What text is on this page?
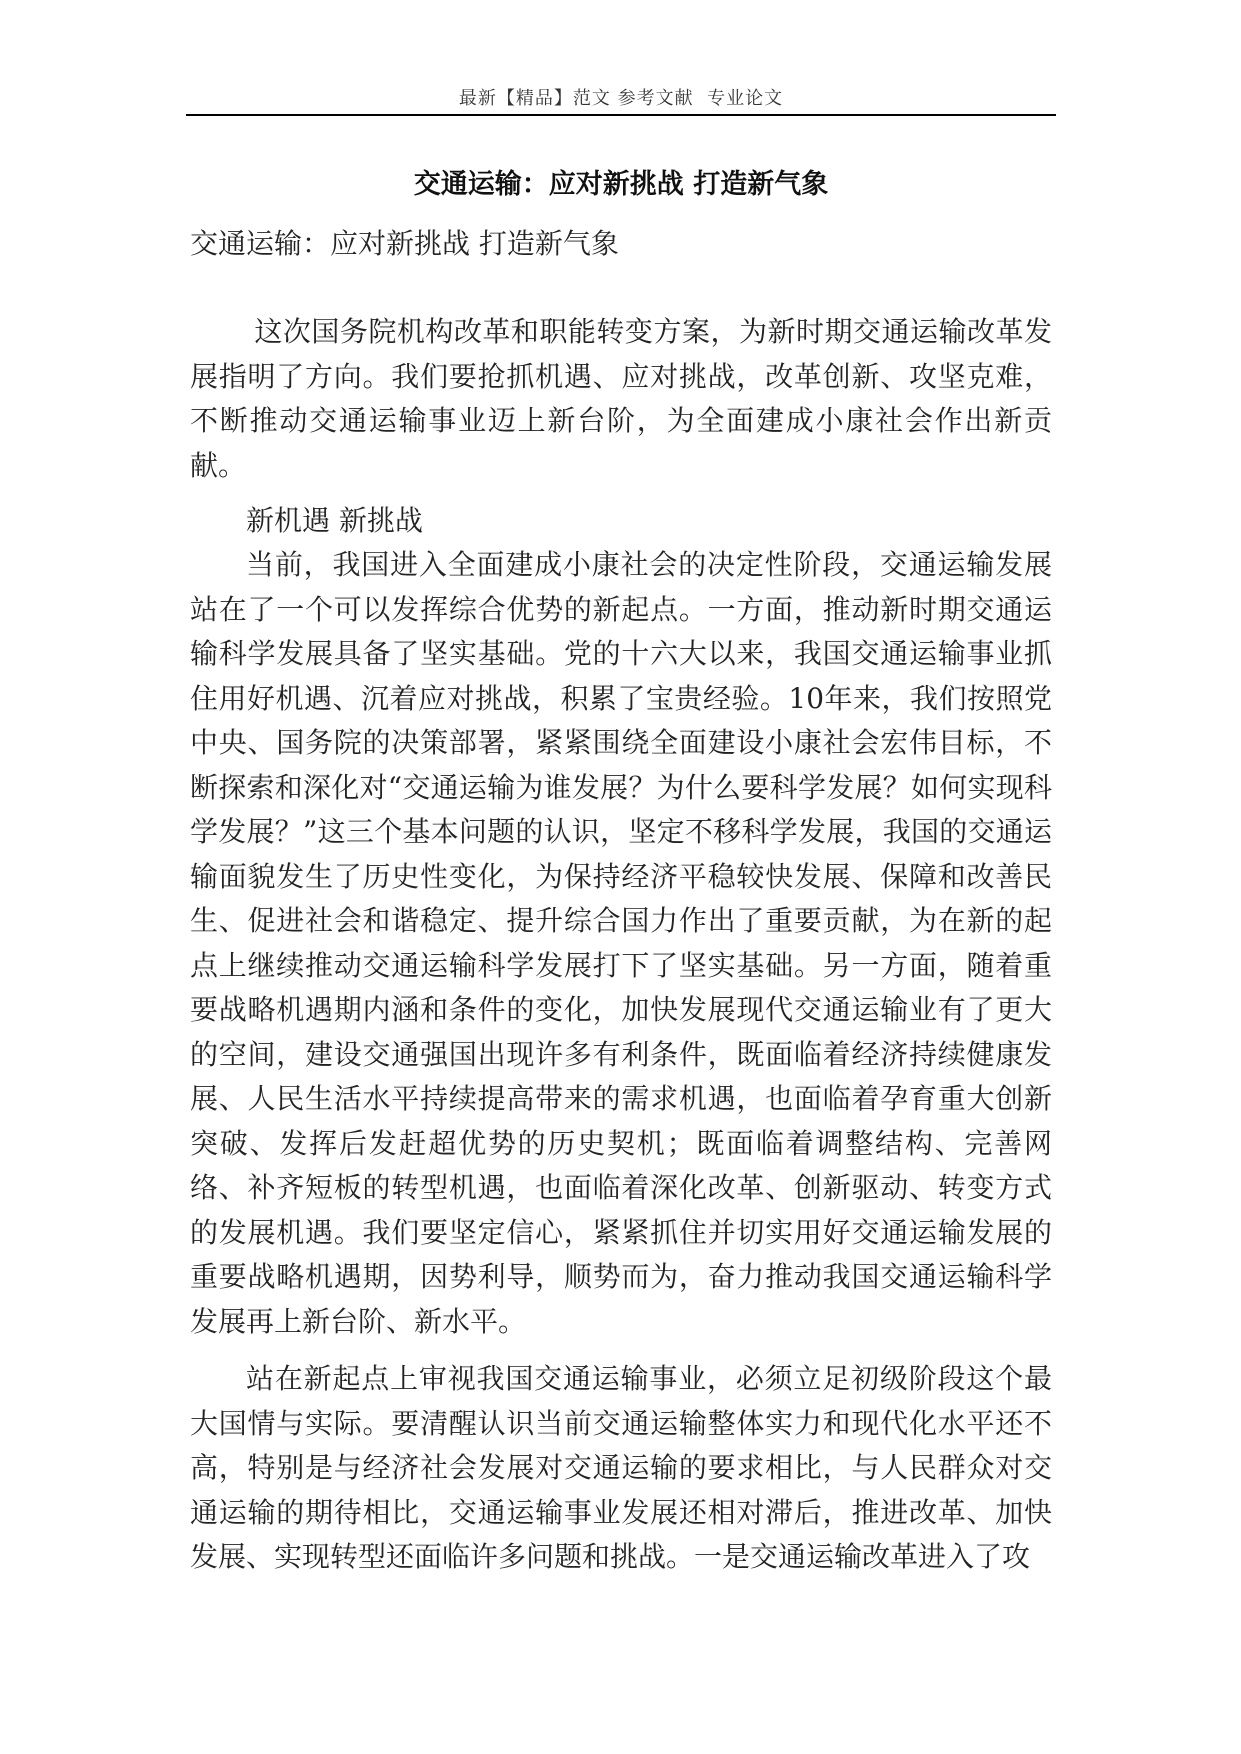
最新【精品】范文 参考文献  专业论文
交通运输：应对新挑战 打造新气象
交通运输：应对新挑战 打造新气象
这次国务院机构改革和职能转变方案，为新时期交通运输改革发展指明了方向。我们要抢抓机遇、应对挑战，改革创新、攻坚克难，不断推动交通运输事业迈上新台阶，为全面建成小康社会作出新贡献。
新机遇 新挑战

当前，我国进入全面建成小康社会的决定性阶段，交通运输发展站在了一个可以发挥综合优势的新起点。一方面，推动新时期交通运输科学发展具备了坚实基础。党的十六大以来，我国交通运输事业抓住用好机遇、沉着应对挑战，积累了宝贵经验。10年来，我们按照党中央、国务院的决策部署，紧紧围绕全面建设小康社会宏伟目标，不断探索和深化对“交通运输为谁发展？为什么要科学发展？如何实现科学发展？”这三个基本问题的认识，坚定不移科学发展，我国的交通运输面貌发生了历史性变化，为保持经济平稳较快发展、保障和改善民生、促进社会和谐稳定、提升综合国力作出了重要贡献，为在新的起点上继续推动交通运输科学发展打下了坚实基础。另一方面，随着重要战略机遇期内涵和条件的变化，加快发展现代交通运输业有了更大的空间，建设交通强国出现许多有利条件，既面临着经济持续健康发展、人民生活水平持续提高带来的需求机遇，也面临着孕育重大创新突破、发挥后发赶超优势的历史契机；既面临着调整结构、完善网络、补齐短板的转型机遇，也面临着深化改革、创新驱动、转变方式的发展机遇。我们要坚定信心，紧紧抓住并切实用好交通运输发展的重要战略机遇期，因势利导，顺势而为，奋力推动我国交通运输科学发展再上新台阶、新水平。

站在新起点上审视我国交通运输事业，必须立足初级阶段这个最大国情与实际。要清醒认识当前交通运输整体实力和现代化水平还不高，特别是与经济社会发展对交通运输的要求相比，与人民群众对交通运输的期待相比，交通运输事业发展还相对滞后，推进改革、加快发展、实现转型还面临许多问题和挑战。一是交通运输改革进入了攻
